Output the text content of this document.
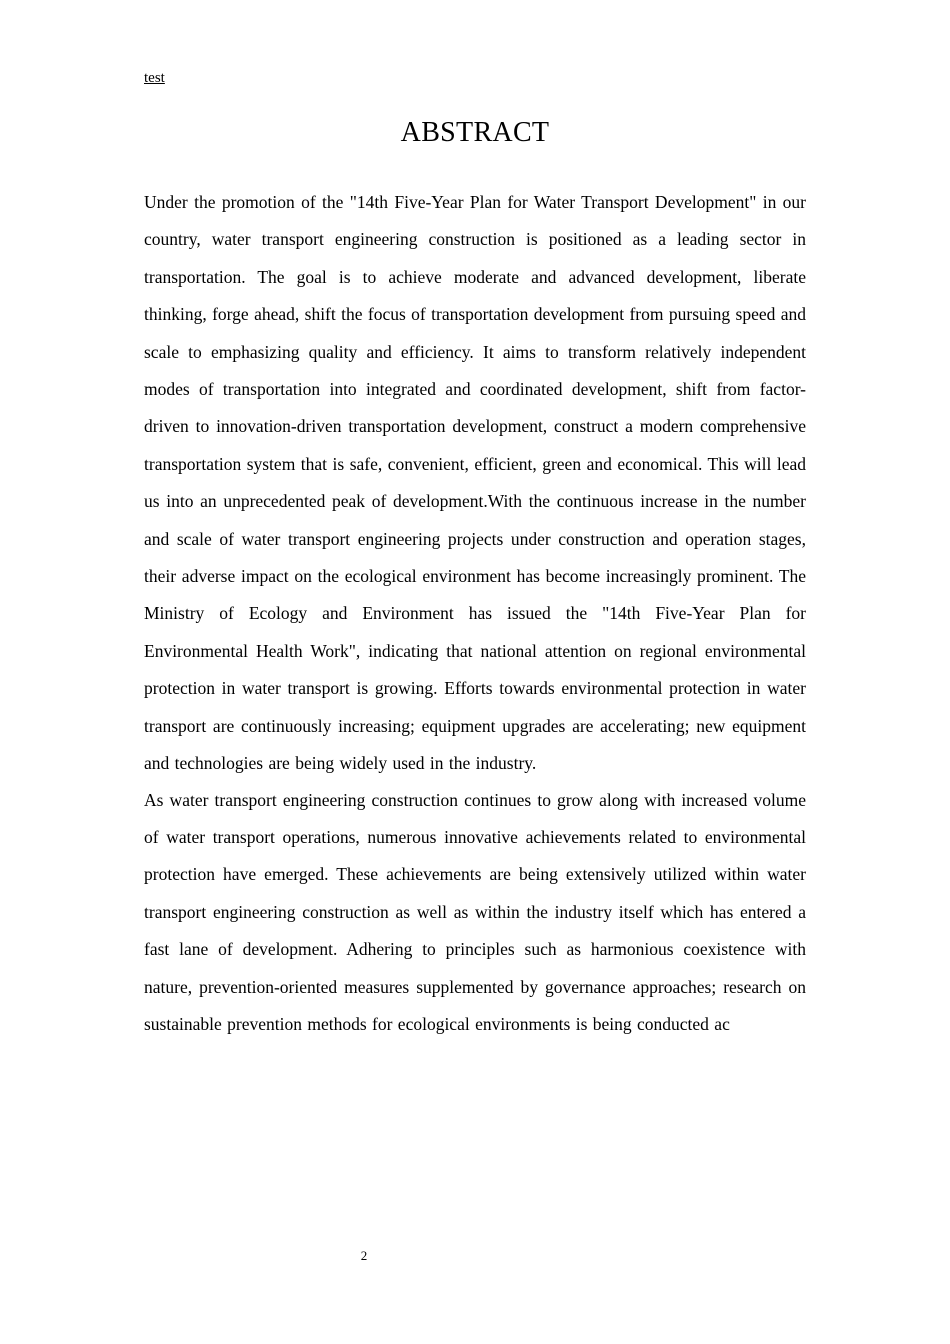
test
ABSTRACT

Under the promotion of the "14th Five-Year Plan for Water Transport Development" in our country, water transport engineering construction is positioned as a leading sector in transportation. The goal is to achieve moderate and advanced development, liberate thinking, forge ahead, shift the focus of transportation development from pursuing speed and scale to emphasizing quality and efficiency. It aims to transform relatively independent modes of transportation into integrated and coordinated development, shift from factor-driven to innovation-driven transportation development, construct a modern comprehensive transportation system that is safe, convenient, efficient, green and economical. This will lead us into an unprecedented peak of development.With the continuous increase in the number and scale of water transport engineering projects under construction and operation stages, their adverse impact on the ecological environment has become increasingly prominent. The Ministry of Ecology and Environment has issued the "14th Five-Year Plan for Environmental Health Work", indicating that national attention on regional environmental protection in water transport is growing. Efforts towards environmental protection in water transport are continuously increasing; equipment upgrades are accelerating; new equipment and technologies are being widely used in the industry.

As water transport engineering construction continues to grow along with increased volume of water transport operations, numerous innovative achievements related to environmental protection have emerged. These achievements are being extensively utilized within water transport engineering construction as well as within the industry itself which has entered a fast lane of development. Adhering to principles such as harmonious coexistence with nature, prevention-oriented measures supplemented by governance approaches; research on sustainable prevention methods for ecological environments is being conducted ac

2
